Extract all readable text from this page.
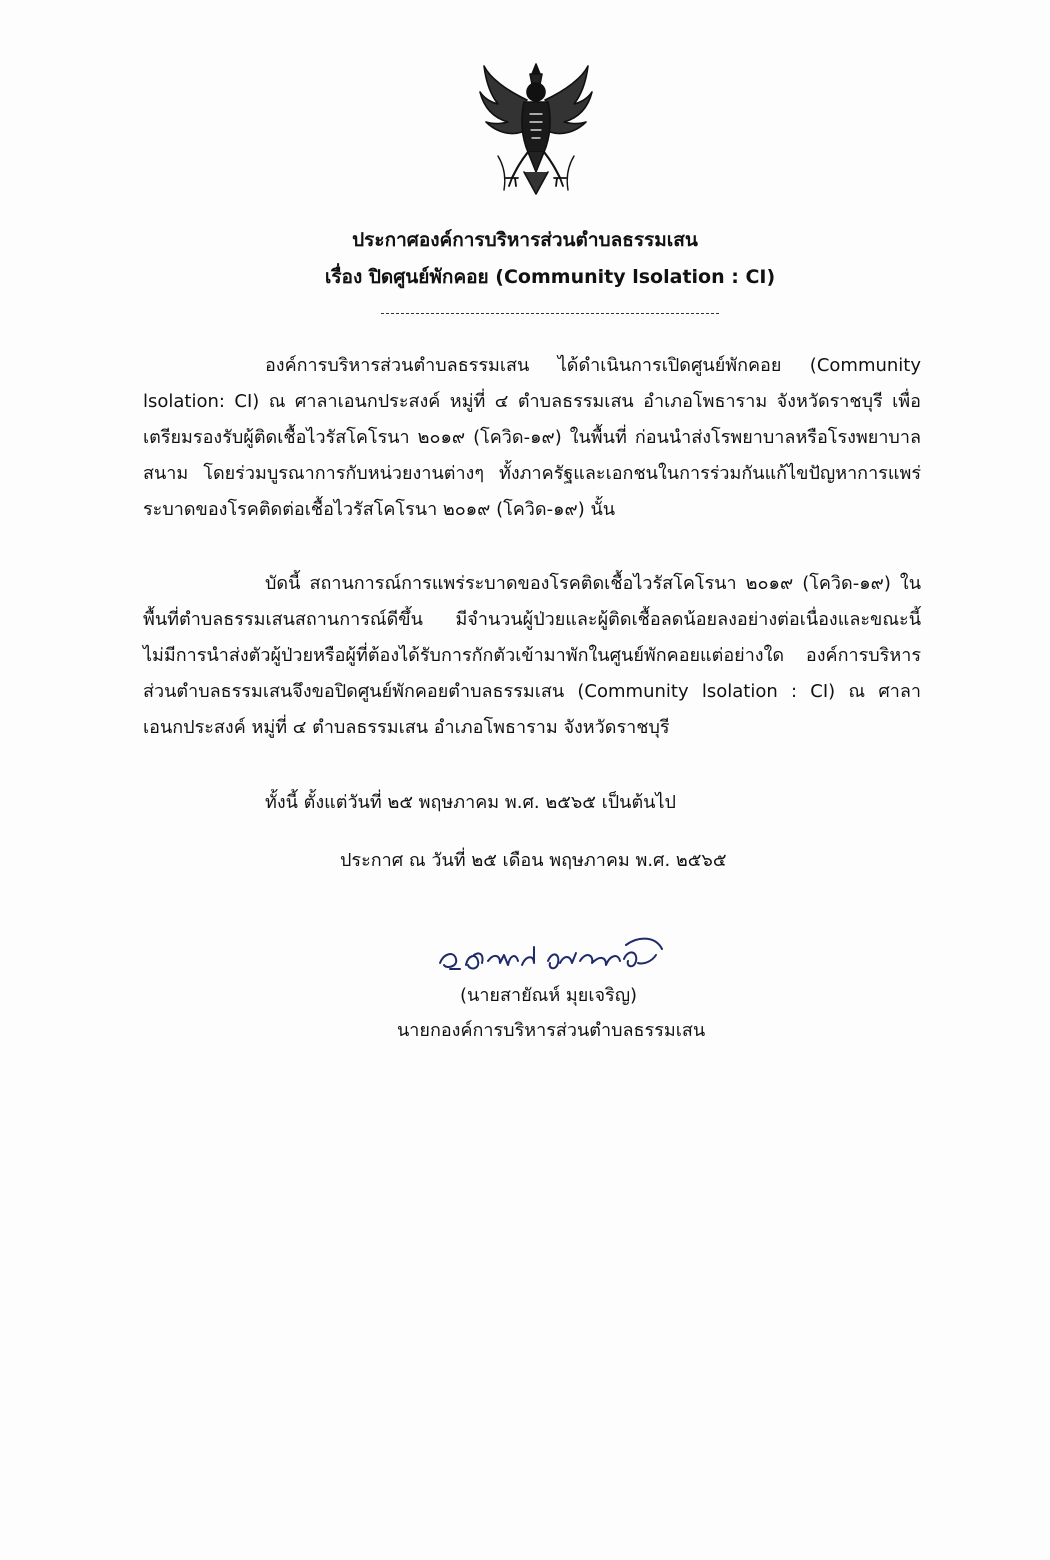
ประกาศองค์การบริหารส่วนตำบลธรรมเสน
เรื่อง ปิดศูนย์พักคอย (Community lsolation : CI)
องค์การบริหารส่วนตำบลธรรมเสน ได้ดำเนินการเปิดศูนย์พักคอย (Community lsolation: CI) ณ ศาลาเอนกประสงค์ หมู่ที่ ๔ ตำบลธรรมเสน อำเภอโพธาราม จังหวัดราชบุรี เพื่อเตรียมรองรับผู้ติดเชื้อไวรัสโคโรนา ๒๐๑๙ (โควิด-๑๙) ในพื้นที่ ก่อนนำส่งโรพยาบาลหรือโรงพยาบาลสนาม โดยร่วมบูรณาการกับหน่วยงานต่างๆ ทั้งภาครัฐและเอกชนในการร่วมกันแก้ไขปัญหาการแพร่ระบาดของโรคติดต่อเชื้อไวรัสโคโรนา ๒๐๑๙ (โควิด-๑๙) นั้น
บัดนี้ สถานการณ์การแพร่ระบาดของโรคติดเชื้อไวรัสโคโรนา ๒๐๑๙ (โควิด-๑๙) ในพื้นที่ตำบลธรรมเสนสถานการณ์ดีขึ้น มีจำนวนผู้ป่วยและผู้ติดเชื้อลดน้อยลงอย่างต่อเนื่องและขณะนี้ไม่มีการนำส่งตัวผู้ป่วยหรือผู้ที่ต้องได้รับการกักตัวเข้ามาพักในศูนย์พักคอยแต่อย่างใด องค์การบริหารส่วนตำบลธรรมเสนจึงขอปิดศูนย์พักคอยตำบลธรรมเสน (Community lsolation : CI) ณ ศาลาเอนกประสงค์ หมู่ที่ ๔ ตำบลธรรมเสน อำเภอโพธาราม จังหวัดราชบุรี
ทั้งนี้ ตั้งแต่วันที่ ๒๕ พฤษภาคม พ.ศ. ๒๕๖๕ เป็นต้นไป
ประกาศ ณ วันที่ ๒๕ เดือน พฤษภาคม พ.ศ. ๒๕๖๕
(นายสายัณห์ มุยเจริญ)
นายกองค์การบริหารส่วนตำบลธรรมเสน
